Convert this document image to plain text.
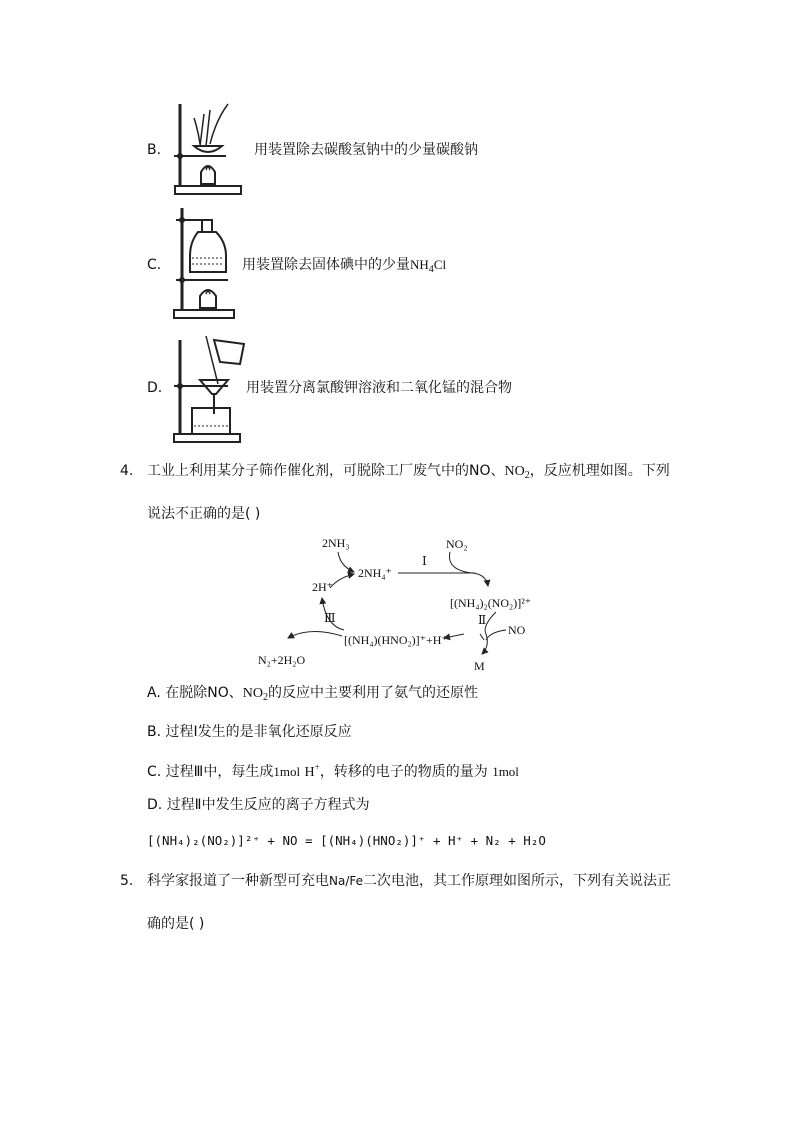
B.	用装置除去碳酸氢钠中的少量碳酸钠
C.	用装置除去固体碘中的少量$NH_4Cl$
D.	用装置分离氯酸钾溶液和二氧化锰的混合物
4. 工业上利用某分子筛作催化剂，可脱除工厂废气中的NO、$NO_2$，反应机理如图。下列
说法不正确的是( )
2NH₃
2NH₄⁺
Ⅰ
NO₂
[(NH₄)₂(NO₂)]²⁺
Ⅱ
NO
M
[(NH₄)(HNO₂)]⁺+H⁺
Ⅲ
2H⁺
N₂+2H₂O
A. 在脱除NO、$NO_2$的反应中主要利用了氨气的还原性
B. 过程Ⅰ发生的是非氧化还原反应
C. 过程Ⅲ中，每生成1mol H+，转移的电子的物质的量为 1mol
D. 过程Ⅱ中发生反应的离子方程式为
[(NH₄)₂(NO₂)]²⁺ + NO = [(NH₄)(HNO₂)]⁺ + H⁺ + N₂ + H₂O
5. 科学家报道了一种新型可充电Na/Fe二次电池，其工作原理如图所示，下列有关说法正
确的是( )
